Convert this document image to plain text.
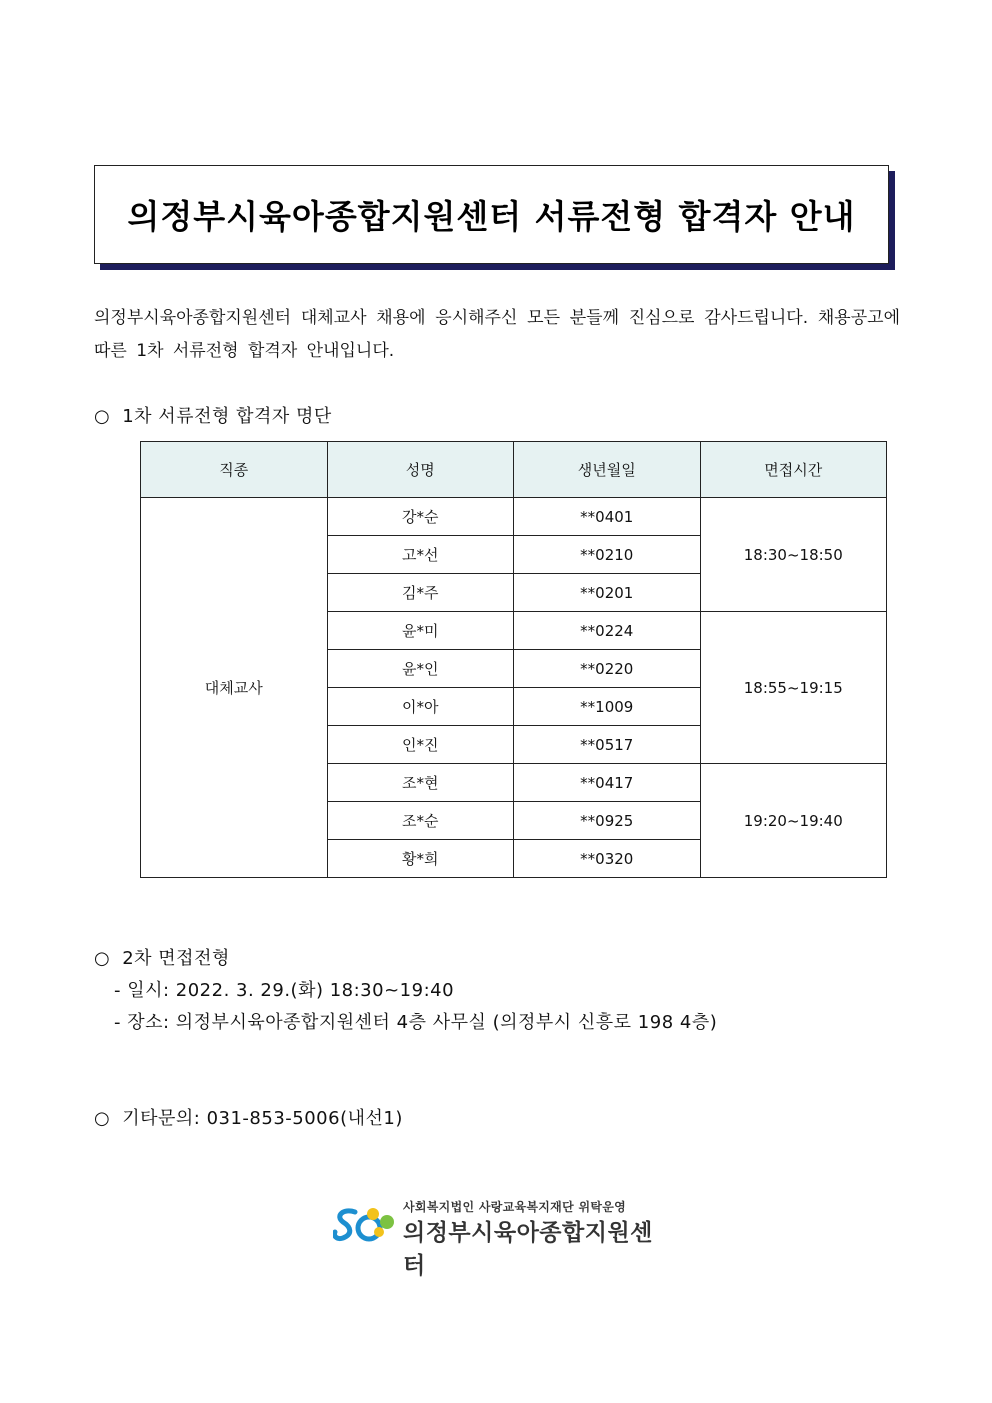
의정부시육아종합지원센터 서류전형 합격자 안내
의정부시육아종합지원센터 대체교사 채용에 응시해주신 모든 분들께 진심으로 감사드립니다. 채용공고에 따른 1차 서류전형 합격자 안내입니다.
○ 1차 서류전형 합격자 명단
직종	성명	생년월일	면접시간
대체교사	강*순	**0401	18:30~18:50
	고*선	**0210	
	김*주	**0201	
	윤*미	**0224	18:55~19:15
	윤*인	**0220	
	이*아	**1009	
	인*진	**0517	
	조*현	**0417	19:20~19:40
	조*순	**0925	
	황*희	**0320	
○ 2차 면접전형
- 일시: 2022. 3. 29.(화) 18:30~19:40
- 장소: 의정부시육아종합지원센터 4층 사무실 (의정부시 신흥로 198 4층)
○ 기타문의: 031-853-5006(내선1)
사회복지법인 사랑교육복지재단 위탁운영
의정부시육아종합지원센터
